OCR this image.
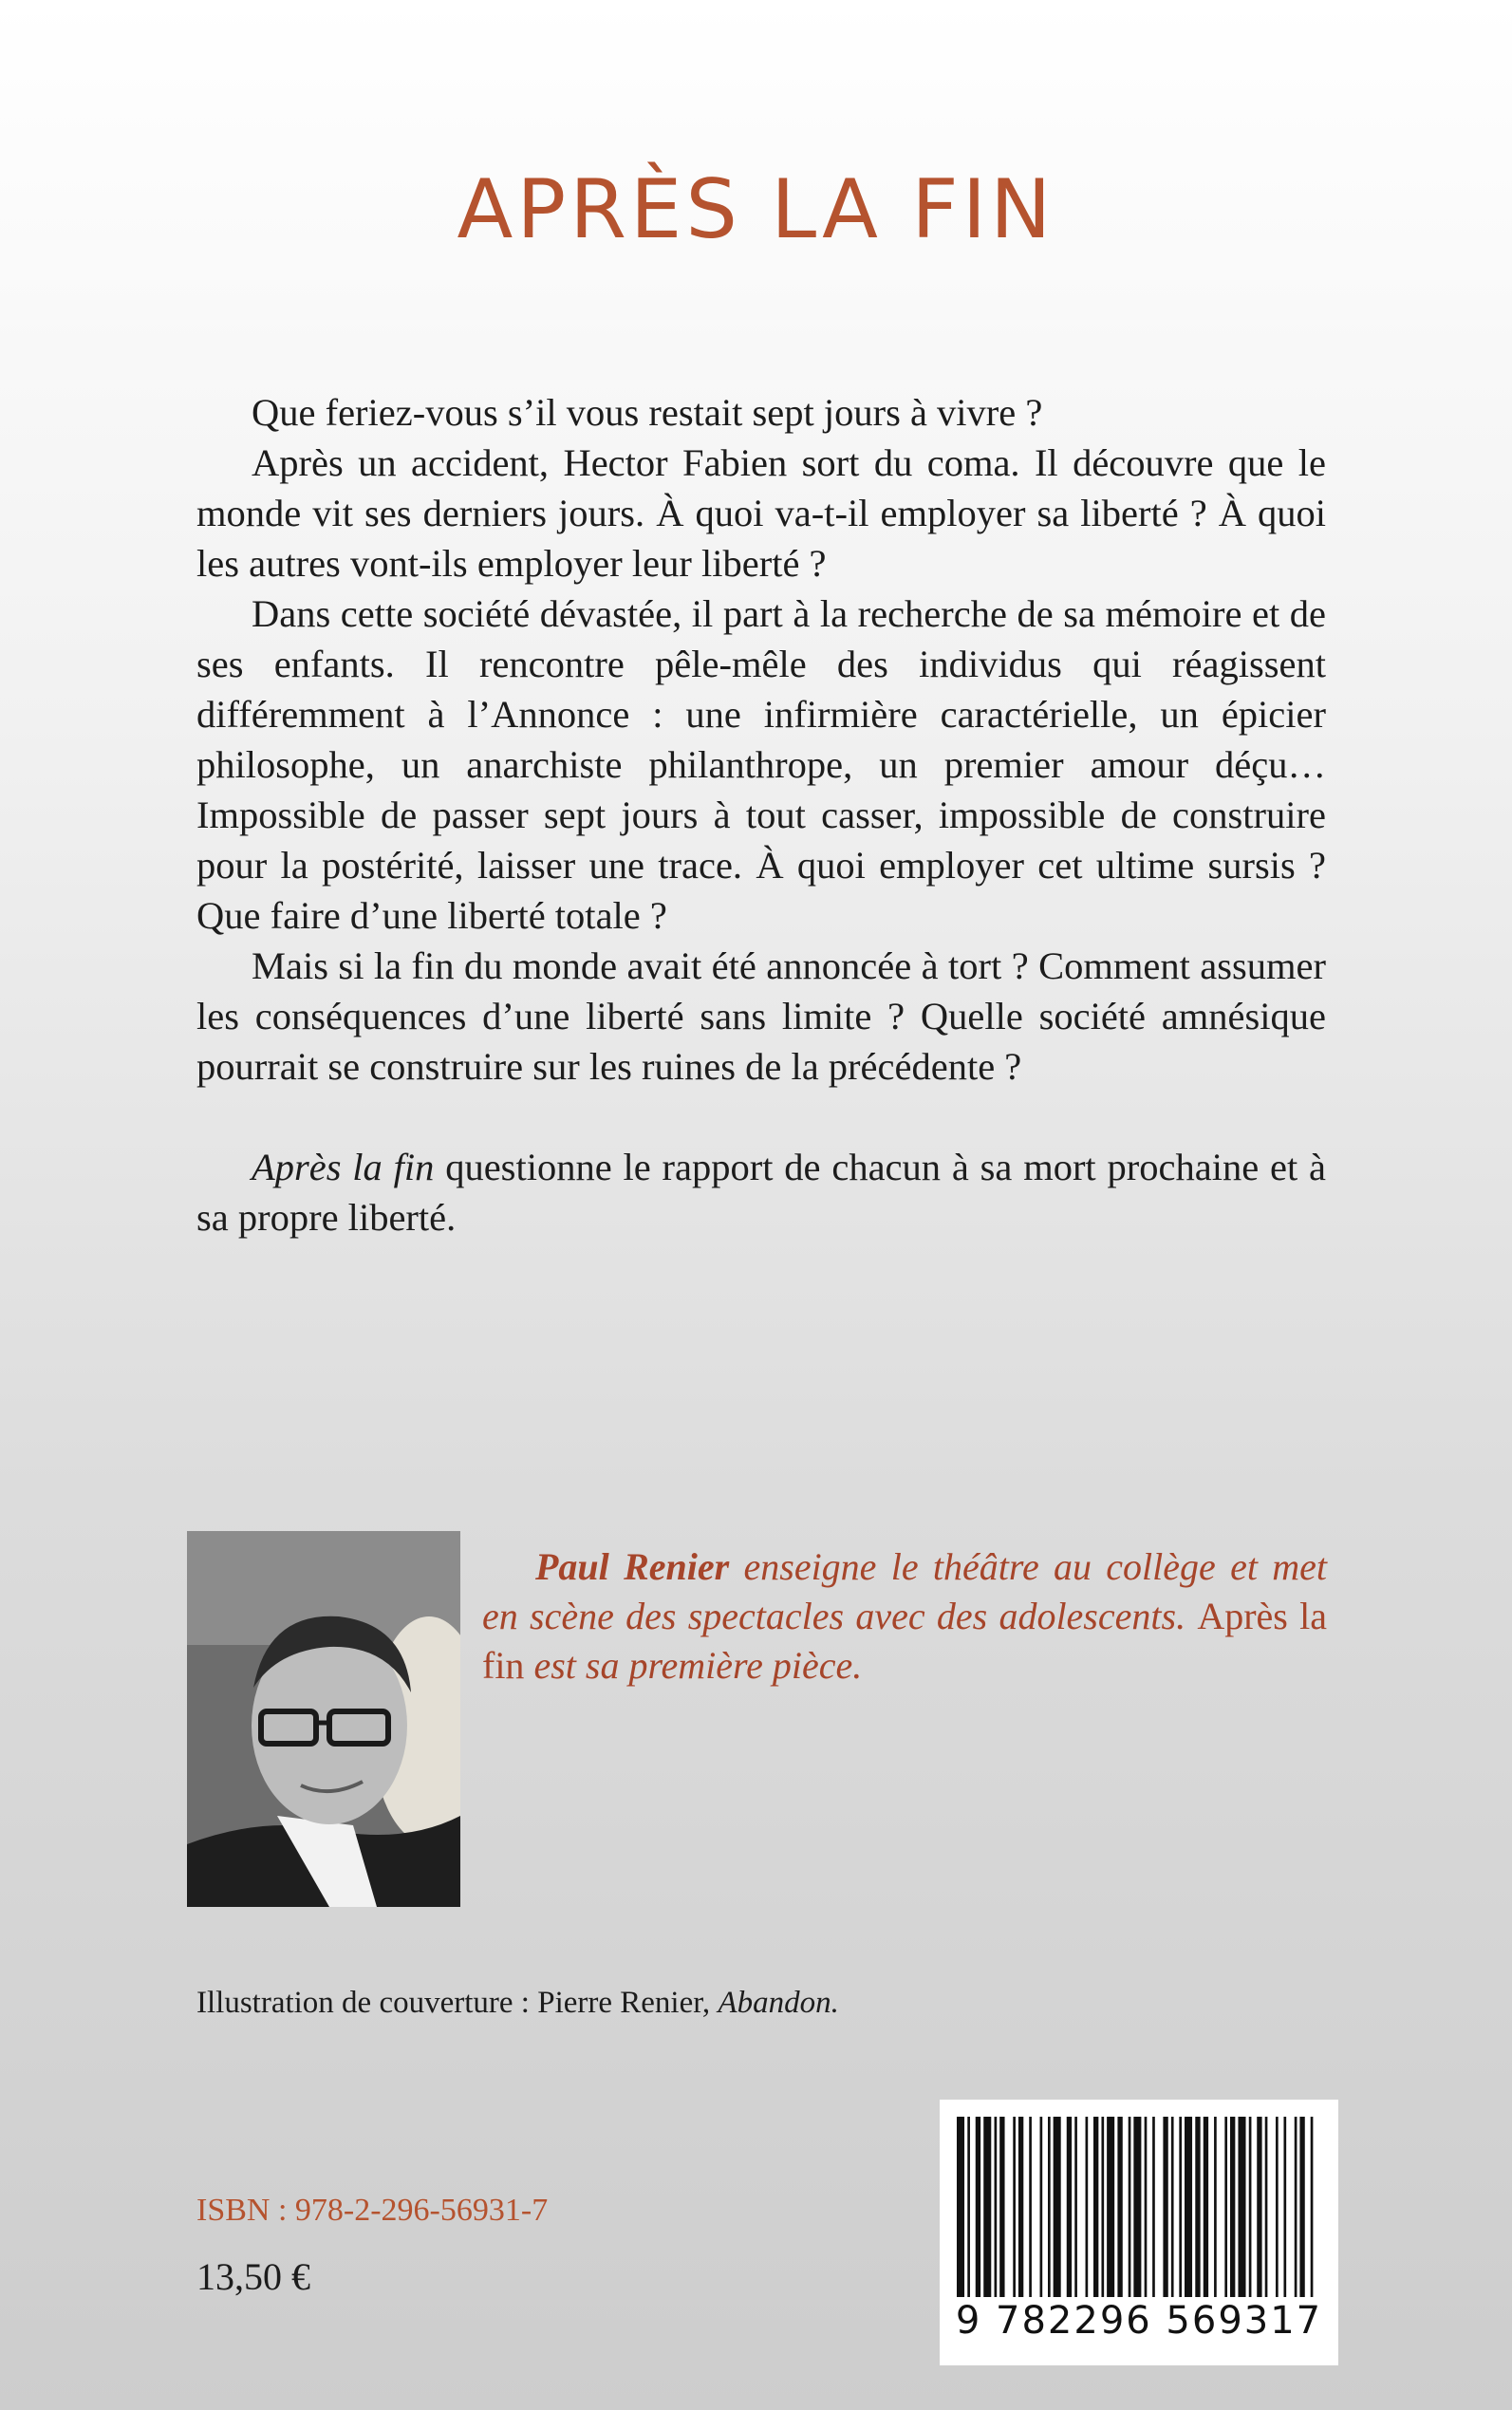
APRÈS LA FIN

Que feriez-vous s’il vous restait sept jours à vivre ?

Après un accident, Hector Fabien sort du coma. Il découvre que le monde vit ses derniers jours. À quoi va-t-il employer sa liberté ? À quoi les autres vont-ils employer leur liberté ?

Dans cette société dévastée, il part à la recherche de sa mémoire et de ses enfants. Il rencontre pêle-mêle des individus qui réagissent différemment à l’Annonce : une infirmière caractérielle, un épicier philosophe, un anarchiste philanthrope, un premier amour déçu… Impossible de passer sept jours à tout casser, impossible de construire pour la postérité, laisser une trace. À quoi employer cet ultime sursis ? Que faire d’une liberté totale ?

Mais si la fin du monde avait été annoncée à tort ? Comment assumer les conséquences d’une liberté sans limite ? Quelle société amnésique pourrait se construire sur les ruines de la précédente ?

Après la fin questionne le rapport de chacun à sa mort prochaine et à sa propre liberté.

Paul Renier enseigne le théâtre au collège et met en scène des spectacles avec des adolescents. Après la fin est sa première pièce.

Illustration de couverture : Pierre Renier, Abandon.

ISBN : 978-2-296-56931-7

13,50 €

9 782296 569317
